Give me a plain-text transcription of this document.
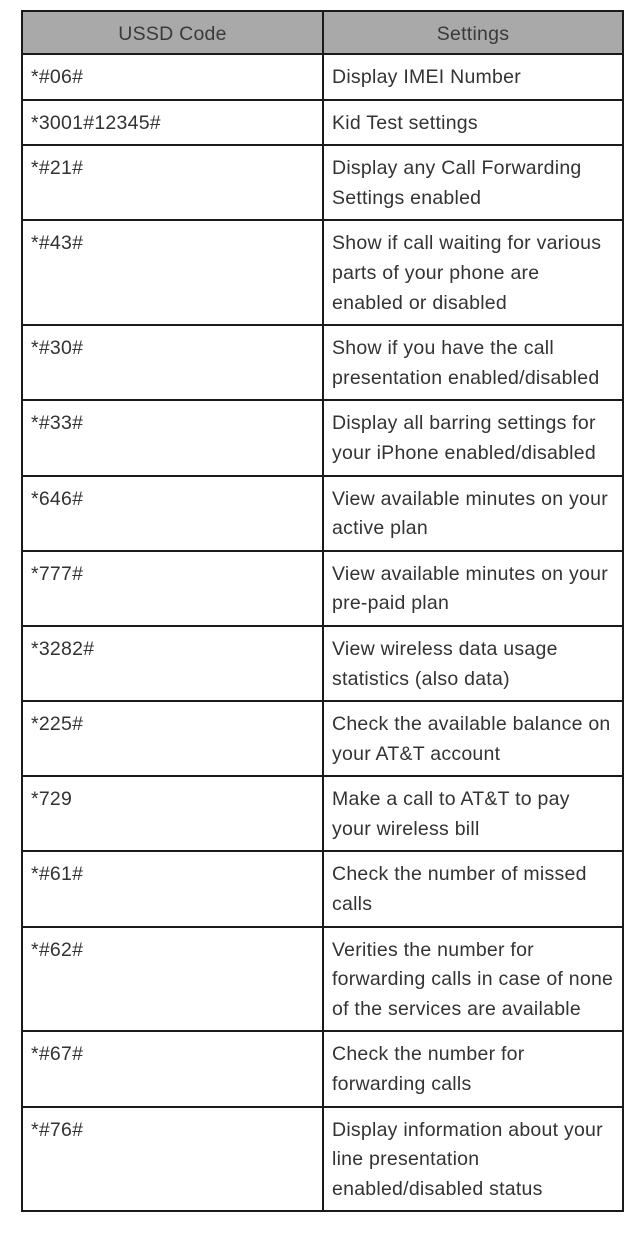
USSD Code	Settings
*#06#	Display IMEI Number
*3001#12345#	Kid Test settings
*#21#	Display any Call Forwarding Settings enabled
*#43#	Show if call waiting for various parts of your phone are enabled or disabled
*#30#	Show if you have the call presentation enabled/disabled
*#33#	Display all barring settings for your iPhone enabled/disabled
*646#	View available minutes on your active plan
*777#	View available minutes on your pre-paid plan
*3282#	View wireless data usage statistics (also data)
*225#	Check the available balance on your AT&T account
*729	Make a call to AT&T to pay your wireless bill
*#61#	Check the number of missed calls
*#62#	Verities the number for forwarding calls in case of none of the services are available
*#67#	Check the number for forwarding calls
*#76#	Display information about your line presentation enabled/disabled status
